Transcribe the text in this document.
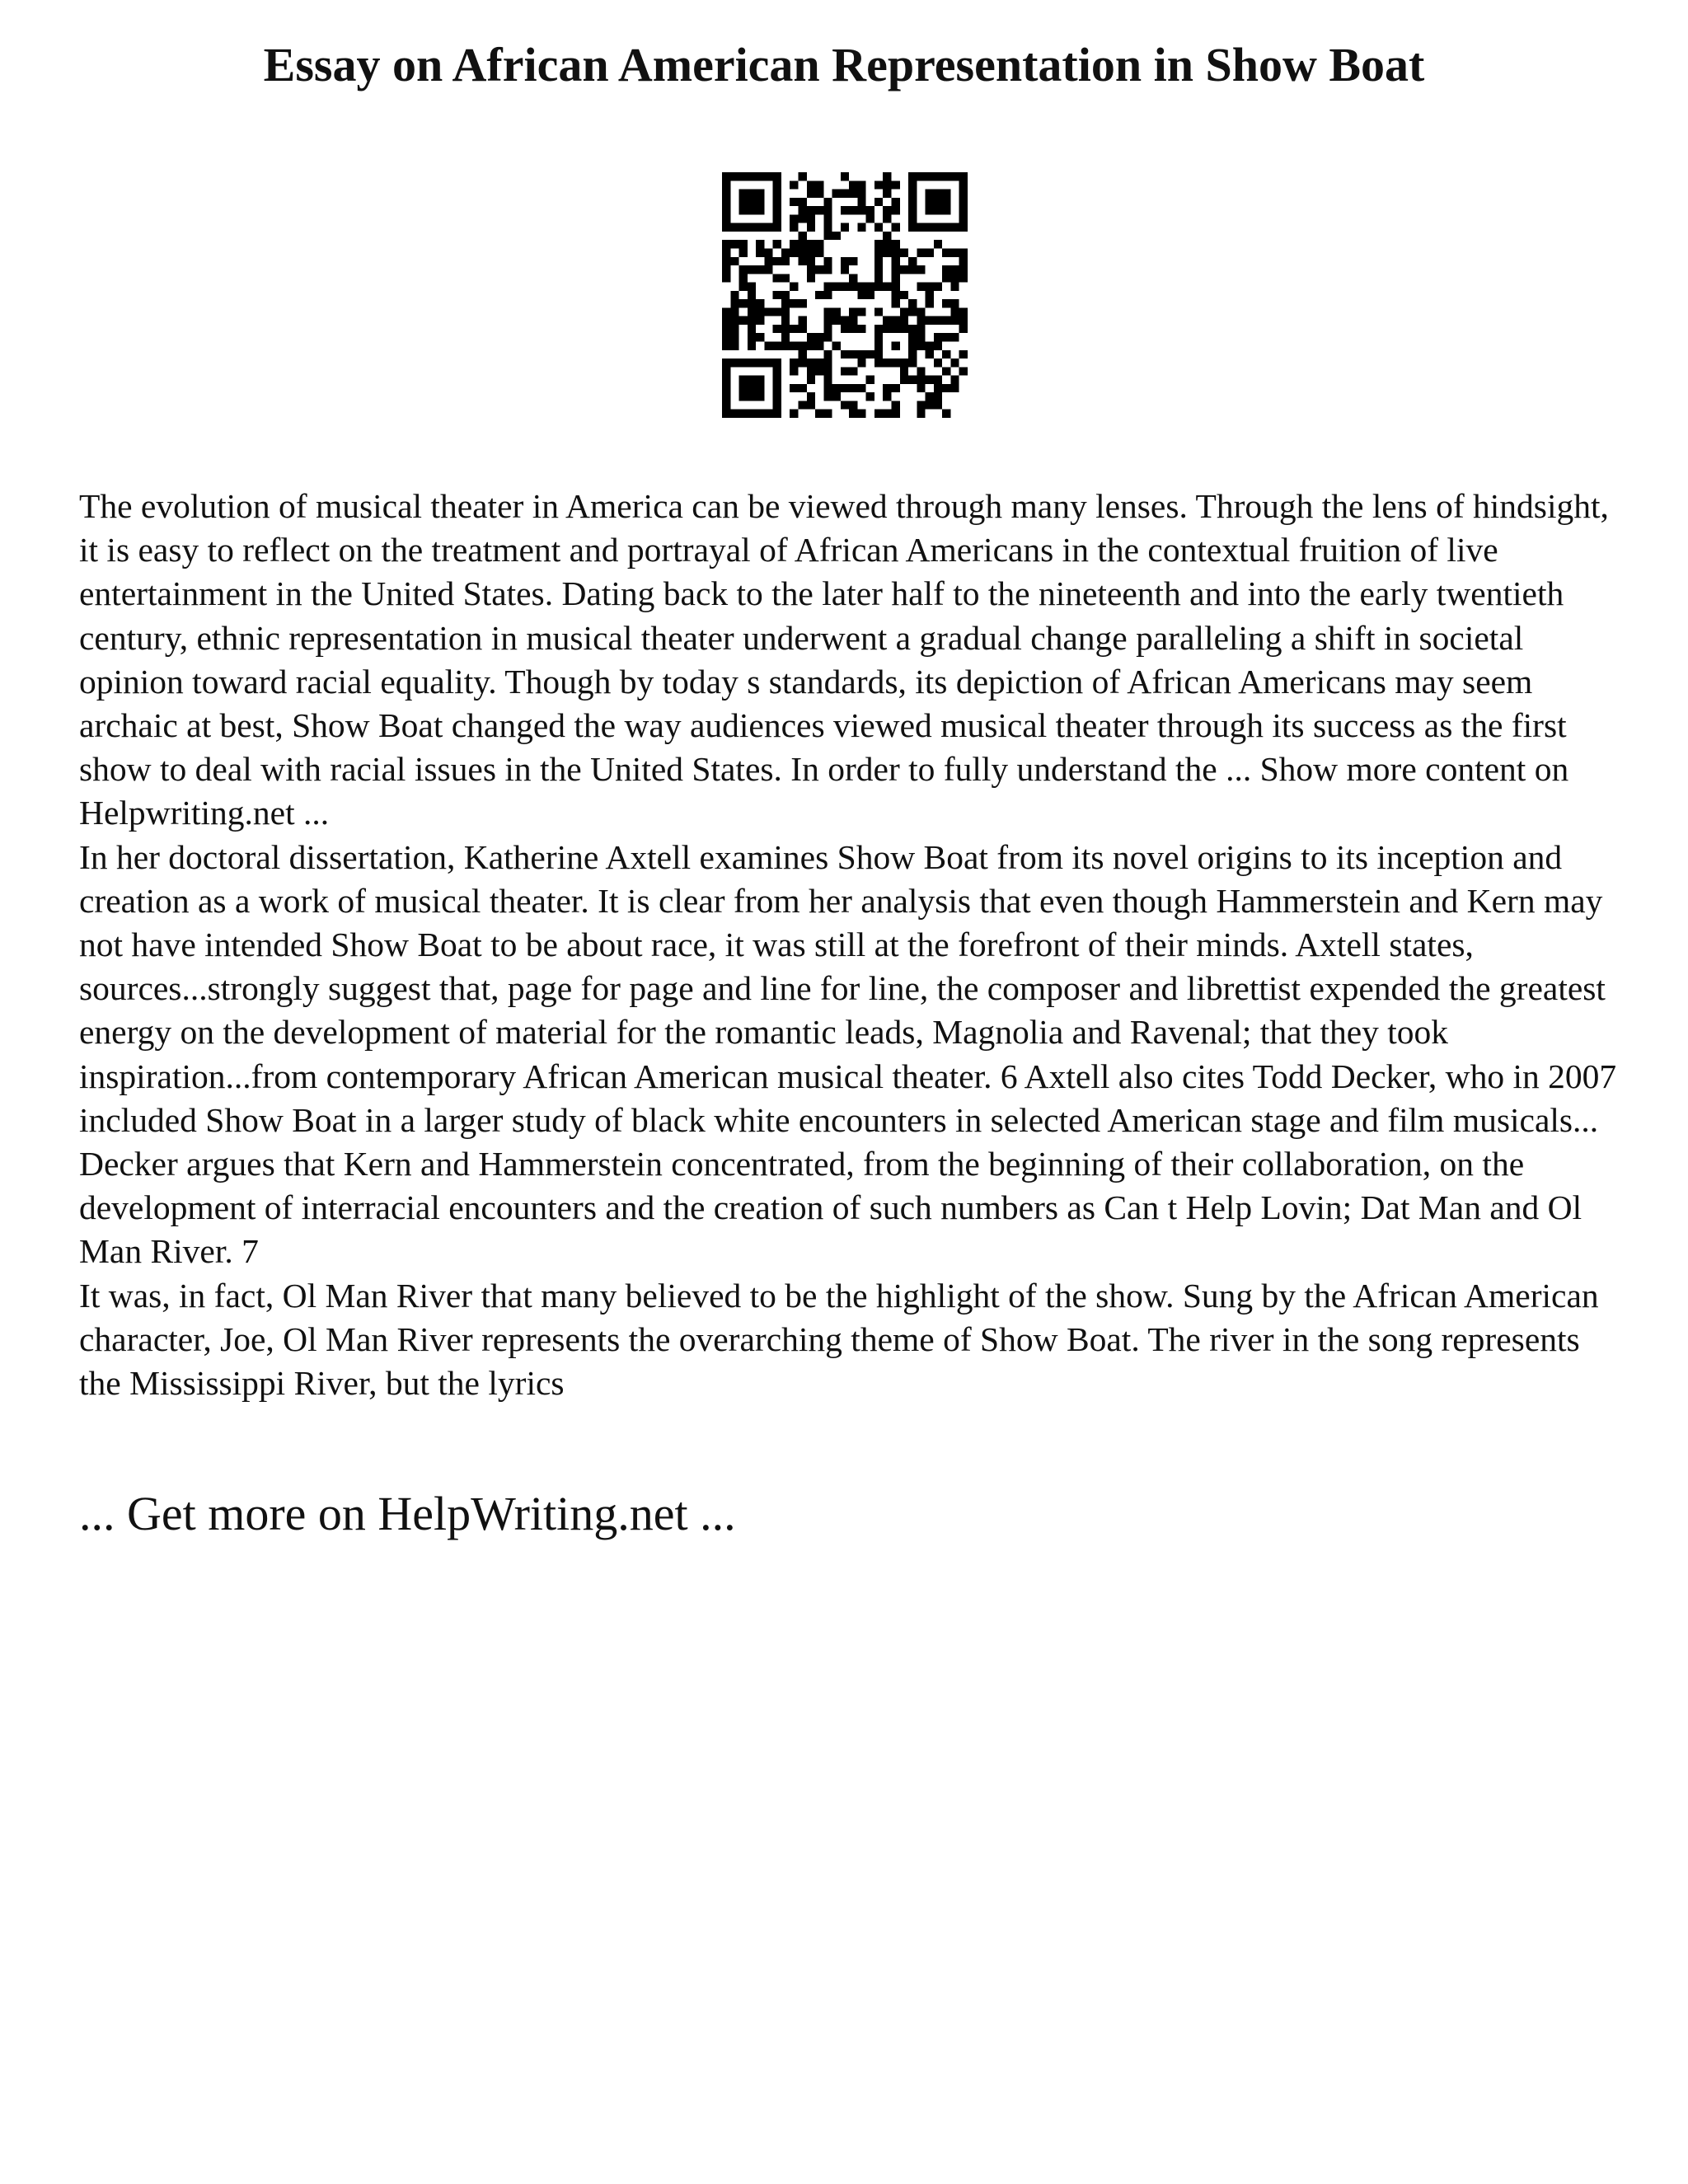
Essay on African American Representation in Show Boat

The evolution of musical theater in America can be viewed through many lenses. Through the lens of hindsight, it is easy to reflect on the treatment and portrayal of African Americans in the contextual fruition of live entertainment in the United States. Dating back to the later half to the nineteenth and into the early twentieth century, ethnic representation in musical theater underwent a gradual change paralleling a shift in societal opinion toward racial equality. Though by today s standards, its depiction of African Americans may seem archaic at best, Show Boat changed the way audiences viewed musical theater through its success as the first show to deal with racial issues in the United States. In order to fully understand the ... Show more content on Helpwriting.net ...

In her doctoral dissertation, Katherine Axtell examines Show Boat from its novel origins to its inception and creation as a work of musical theater. It is clear from her analysis that even though Hammerstein and Kern may not have intended Show Boat to be about race, it was still at the forefront of their minds. Axtell states, sources...strongly suggest that, page for page and line for line, the composer and librettist expended the greatest energy on the development of material for the romantic leads, Magnolia and Ravenal; that they took inspiration...from contemporary African American musical theater. 6 Axtell also cites Todd Decker, who in 2007 included Show Boat in a larger study of black white encounters in selected American stage and film musicals... Decker argues that Kern and Hammerstein concentrated, from the beginning of their collaboration, on the development of interracial encounters and the creation of such numbers as Can t Help Lovin; Dat Man and Ol Man River. 7

It was, in fact, Ol Man River that many believed to be the highlight of the show. Sung by the African American character, Joe, Ol Man River represents the overarching theme of Show Boat. The river in the song represents the Mississippi River, but the lyrics

... Get more on HelpWriting.net ...
